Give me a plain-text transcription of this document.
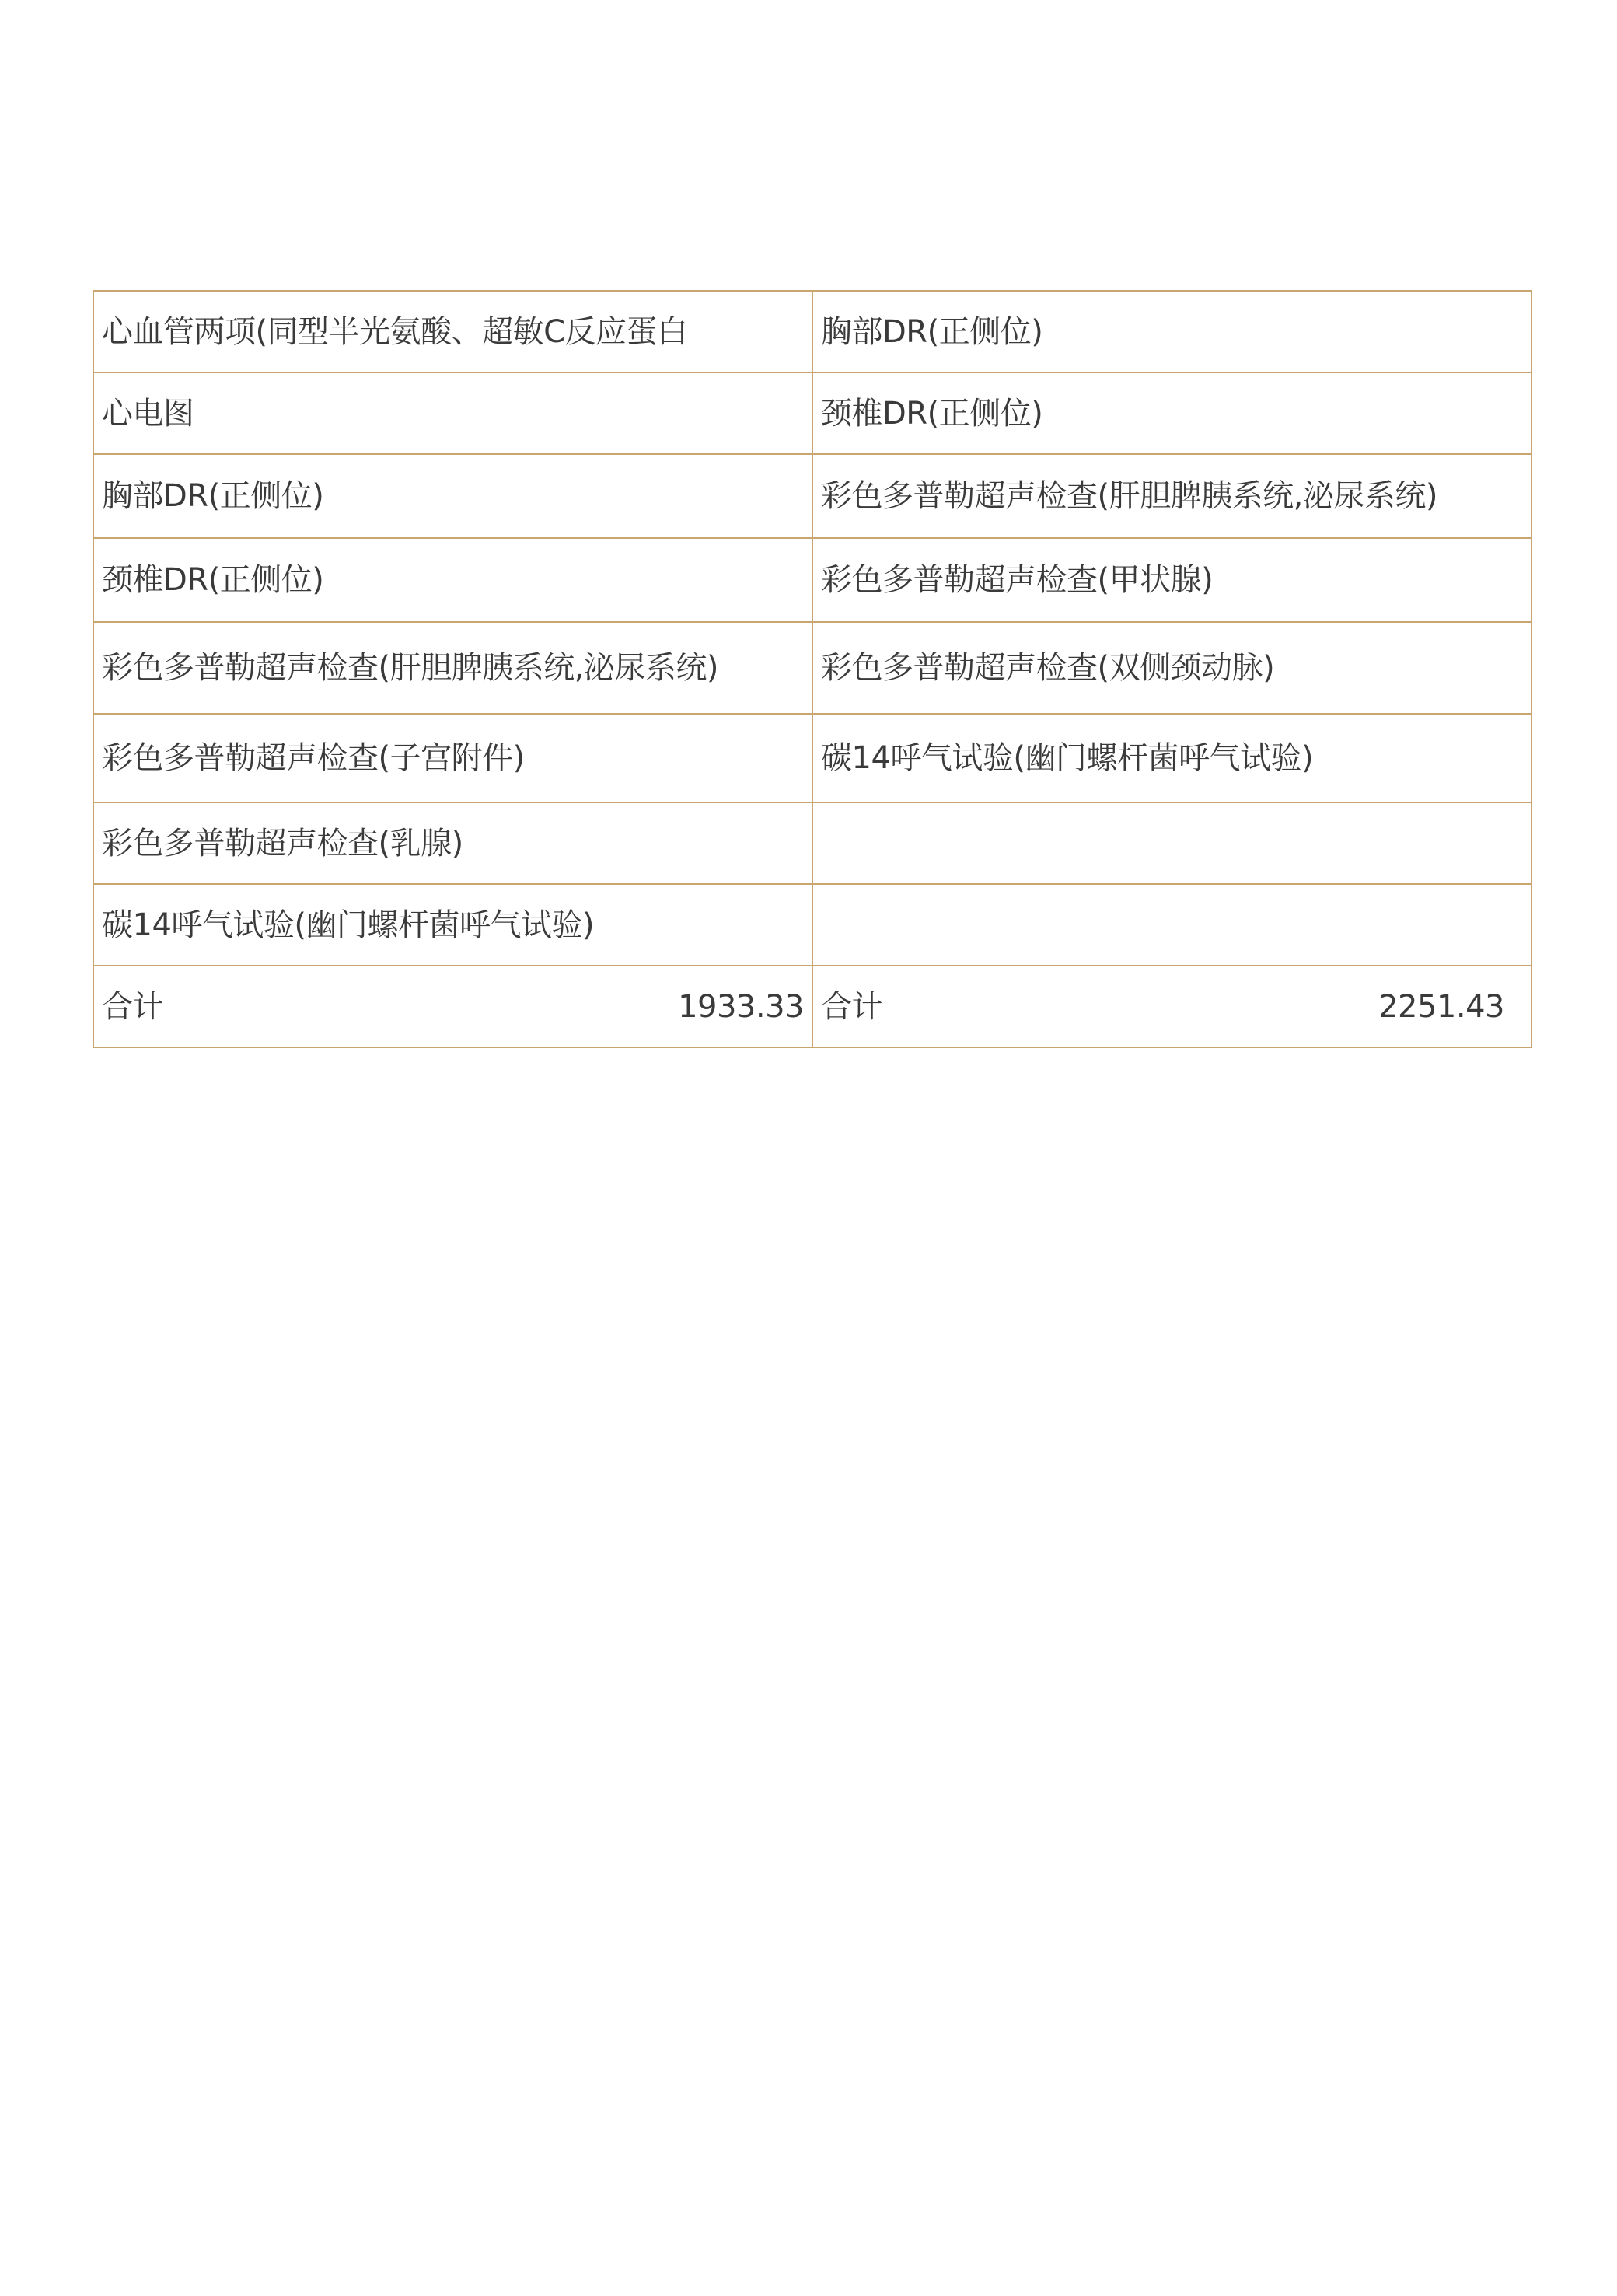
心血管两项(同型半光氨酸、超敏C反应蛋白	胸部DR(正侧位)
心电图	颈椎DR(正侧位)
胸部DR(正侧位)	彩色多普勒超声检查(肝胆脾胰系统,泌尿系统)
颈椎DR(正侧位)	彩色多普勒超声检查(甲状腺)
彩色多普勒超声检查(肝胆脾胰系统,泌尿系统)	彩色多普勒超声检查(双侧颈动脉)
彩色多普勒超声检查(子宫附件)	碳14呼气试验(幽门螺杆菌呼气试验)
彩色多普勒超声检查(乳腺)	
碳14呼气试验(幽门螺杆菌呼气试验)	

合计 1933.33	合计 2251.43
